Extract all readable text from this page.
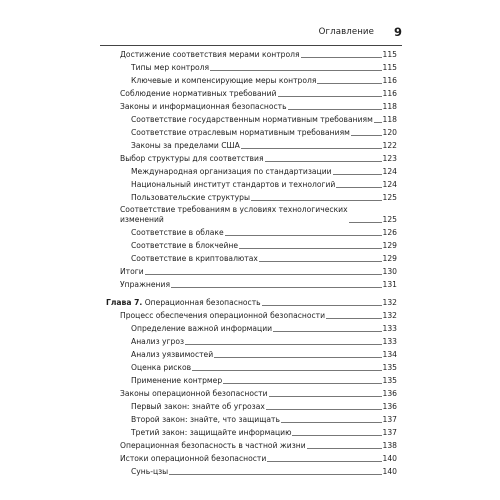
Оглавление 9
Достижение соответствия мерами контроля	115
Типы мер контроля	115
Ключевые и компенсирующие меры контроля	116
Соблюдение нормативных требований	116
Законы и информационная безопасность	118
Соответствие государственным нормативным требованиям 118
Соответствие отраслевым нормативным требованиям	120
Законы за пределами США	122
Выбор структуры для соответствия	123
Международная организация по стандартизации	124
Национальный институт стандартов и технологий	124
Пользовательские структуры	125
Соответствие требованиям в условиях технологических изменений	125
Соответствие в облаке	126
Соответствие в блокчейне	129
Соответствие в криптовалютах	129
Итоги	130
Упражнения	131
Глава 7. Операционная безопасность	132
Процесс обеспечения операционной безопасности	132
Определение важной информации	133
Анализ угроз	133
Анализ уязвимостей	134
Оценка рисков	135
Применение контрмер	135
Законы операционной безопасности	136
Первый закон: знайте об угрозах	136
Второй закон: знайте, что защищать	137
Третий закон: защищайте информацию	137
Операционная безопасность в частной жизни	138
Истоки операционной безопасности	140
Сунь-цзы	140
